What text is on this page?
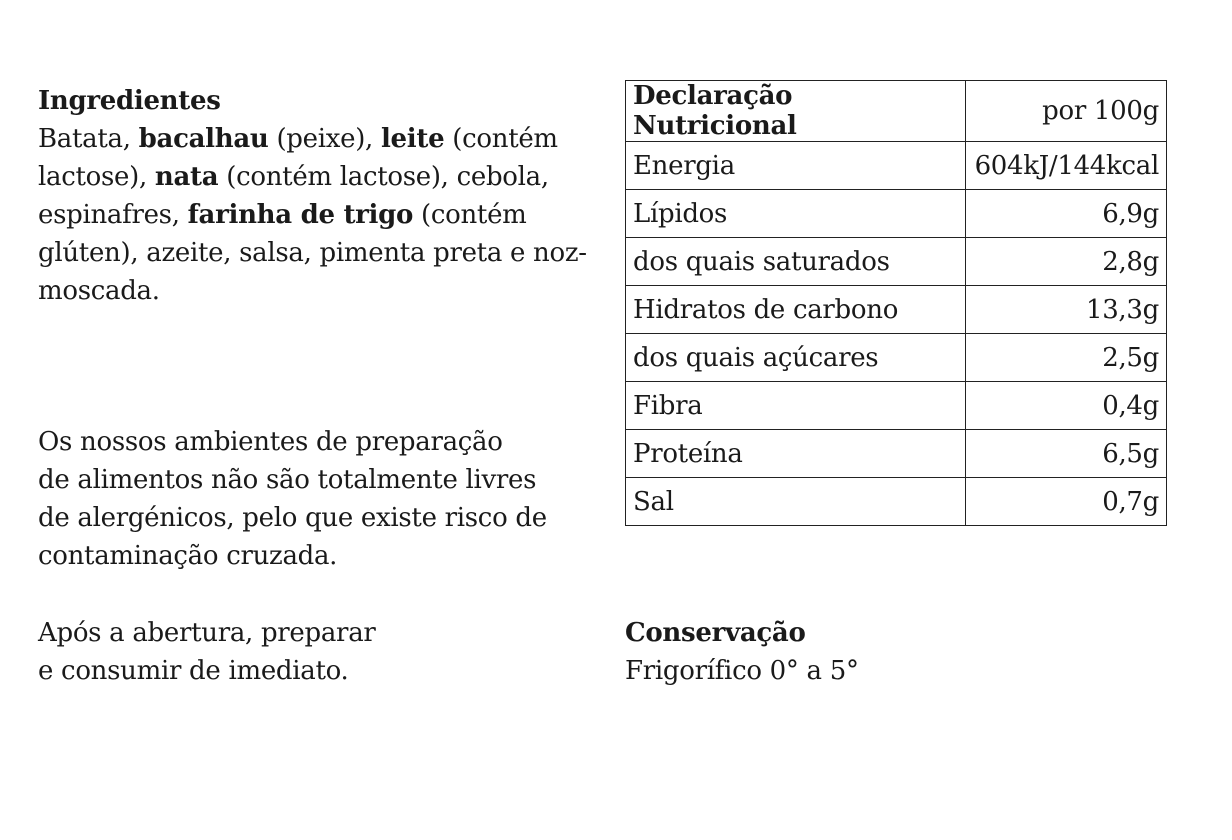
Ingredientes
Batata, bacalhau (peixe), leite (contém lactose), nata (contém lactose), cebola, espinafres, farinha de trigo (contém glúten), azeite, salsa, pimenta preta e noz-moscada.
Os nossos ambientes de preparação
de alimentos não são totalmente livres
de alergénicos, pelo que existe risco de
contaminação cruzada.
Após a abertura, preparar
e consumir de imediato.
Conservação
Frigorífico 0° a 5°
Declaração Nutricional	por 100g
Energia	604kJ/144kcal
Lípidos	6,9g
dos quais saturados	2,8g
Hidratos de carbono	13,3g
dos quais açúcares	2,5g
Fibra	0,4g
Proteína	6,5g
Sal	0,7g
